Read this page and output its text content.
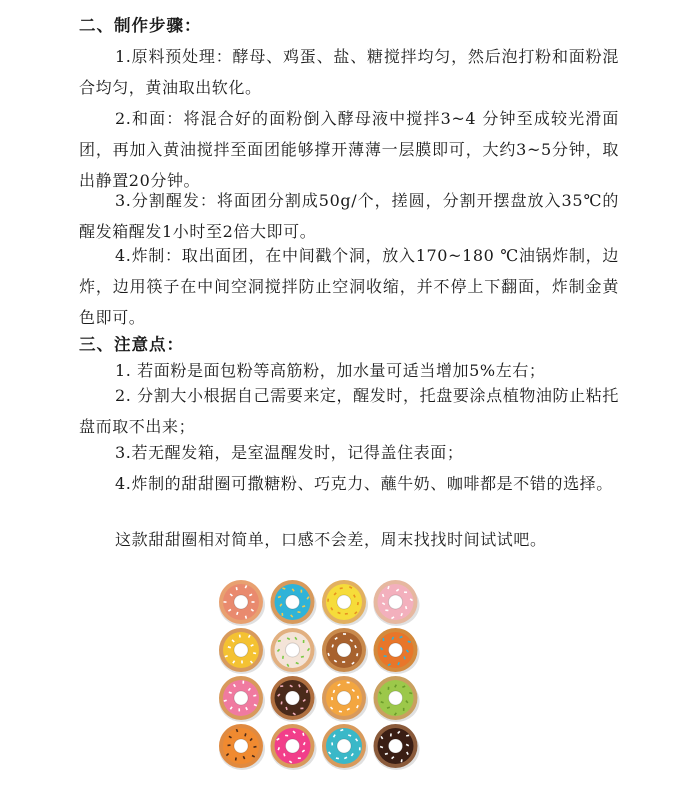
二、制作步骤：
1.原料预处理：酵母、鸡蛋、盐、糖搅拌均匀，然后泡打粉和面粉混合均匀，黄油取出软化。
2.和面：将混合好的面粉倒入酵母液中搅拌3~4 分钟至成较光滑面团，再加入黄油搅拌至面团能够撑开薄薄一层膜即可，大约3~5分钟，取出静置20分钟。
3.分割醒发：将面团分割成50g/个，搓圆，分割开摆盘放入35℃的醒发箱醒发1小时至2倍大即可。
4.炸制：取出面团，在中间戳个洞，放入170~180 ℃油锅炸制，边炸，边用筷子在中间空洞搅拌防止空洞收缩，并不停上下翻面，炸制金黄色即可。
三、注意点：
1. 若面粉是面包粉等高筋粉，加水量可适当增加5%左右；
2. 分割大小根据自己需要来定，醒发时，托盘要涂点植物油防止粘托盘而取不出来；
3.若无醒发箱，是室温醒发时，记得盖住表面；
4.炸制的甜甜圈可撒糖粉、巧克力、蘸牛奶、咖啡都是不错的选择。
这款甜甜圈相对简单，口感不会差，周末找找时间试试吧。
